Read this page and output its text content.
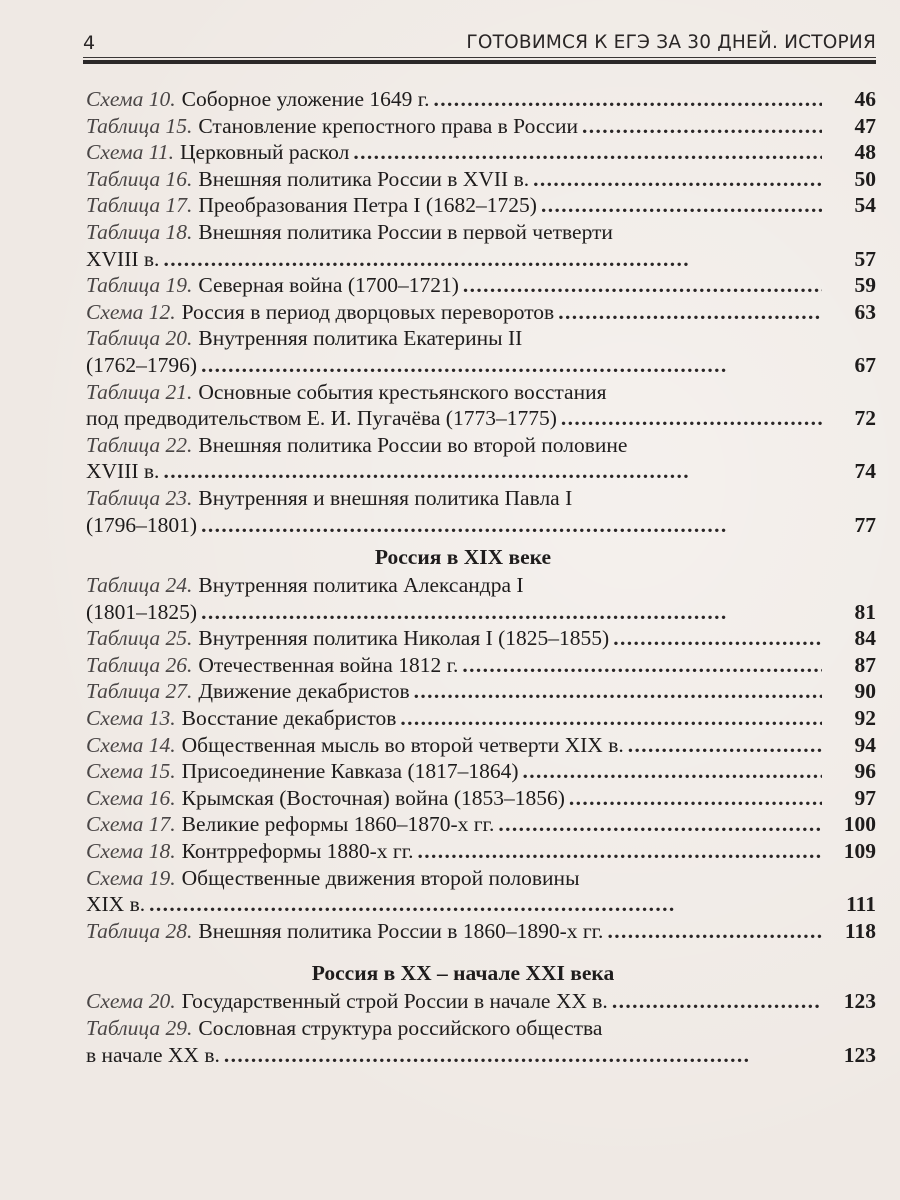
4	ГОТОВИМСЯ К ЕГЭ ЗА 30 ДНЕЙ. ИСТОРИЯ
Схема 10. Соборное уложение 1649 г. . . .	46
Таблица 15. Становление крепостного права в России . . .	47
Схема 11. Церковный раскол . . .	48
Таблица 16. Внешняя политика России в XVII в. . . .	50
Таблица 17. Преобразования Петра I (1682–1725) . . .	54
Таблица 18. Внешняя политика России в первой четверти
XVIII в. . . .	57
Таблица 19. Северная война (1700–1721) . . .	59
Схема 12. Россия в период дворцовых переворотов . . .	63
Таблица 20. Внутренняя политика Екатерины II
(1762–1796) . . .	67
Таблица 21. Основные события крестьянского восстания
под предводительством Е. И. Пугачёва (1773–1775) . . .	72
Таблица 22. Внешняя политика России во второй половине
XVIII в. . . .	74
Таблица 23. Внутренняя и внешняя политика Павла I
(1796–1801) . . .	77
Россия в XIX веке
Таблица 24. Внутренняя политика Александра I
(1801–1825) . . .	81
Таблица 25. Внутренняя политика Николая I (1825–1855) . . .	84
Таблица 26. Отечественная война 1812 г. . . .	87
Таблица 27. Движение декабристов . . .	90
Схема 13. Восстание декабристов . . .	92
Схема 14. Общественная мысль во второй четверти XIX в. . . .	94
Схема 15. Присоединение Кавказа (1817–1864) . . .	96
Схема 16. Крымская (Восточная) война (1853–1856) . . .	97
Схема 17. Великие реформы 1860–1870-х гг. . . .	100
Схема 18. Контрреформы 1880-х гг. . . .	109
Схема 19. Общественные движения второй половины
XIX в. . . .	111
Таблица 28. Внешняя политика России в 1860–1890-х гг. . . .	118
Россия в XX – начале XXI века
Схема 20. Государственный строй России в начале XX в. . . .	123
Таблица 29. Сословная структура российского общества
в начале XX в. . . .	123
